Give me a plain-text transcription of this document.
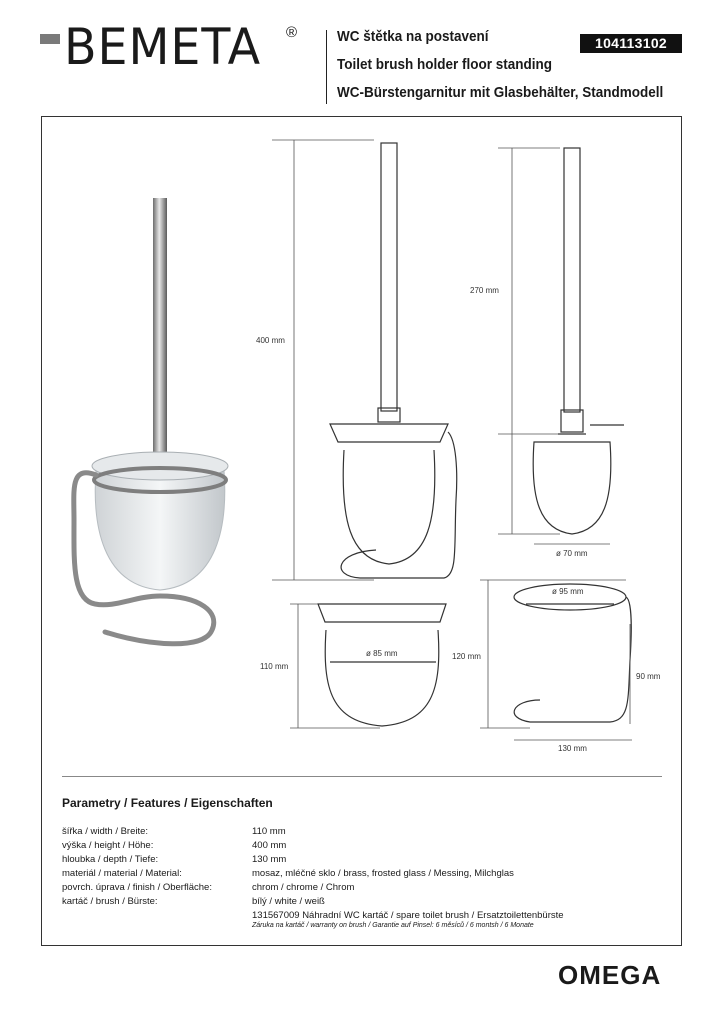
BEMETA ®	WC štětka na postavení
Toilet brush holder floor standing
WC-Bürstengarnitur mit Glasbehälter, Standmodell
104113102
400 mm
270 mm
ø 70 mm
110 mm
ø 85 mm
ø 95 mm
120 mm
90 mm
130 mm
Parametry / Features / Eigenschaften
šířka / width / Breite:	110 mm
výška / height / Höhe:	400 mm
hloubka / depth / Tiefe:	130 mm
materiál / material / Material:	mosaz, mléčné sklo / brass, frosted glass / Messing, Milchglas
povrch. úprava / finish / Oberfläche:	chrom / chrome / Chrom
kartáč / brush / Bürste:	bílý / white / weiß
131567009 Náhradní WC kartáč / spare toilet brush / Ersatztoilettenbürste
Záruka na kartáč / warranty on brush / Garantie auf Pinsel: 6 měsíců / 6 montsh / 6 Monate
OMEGA
